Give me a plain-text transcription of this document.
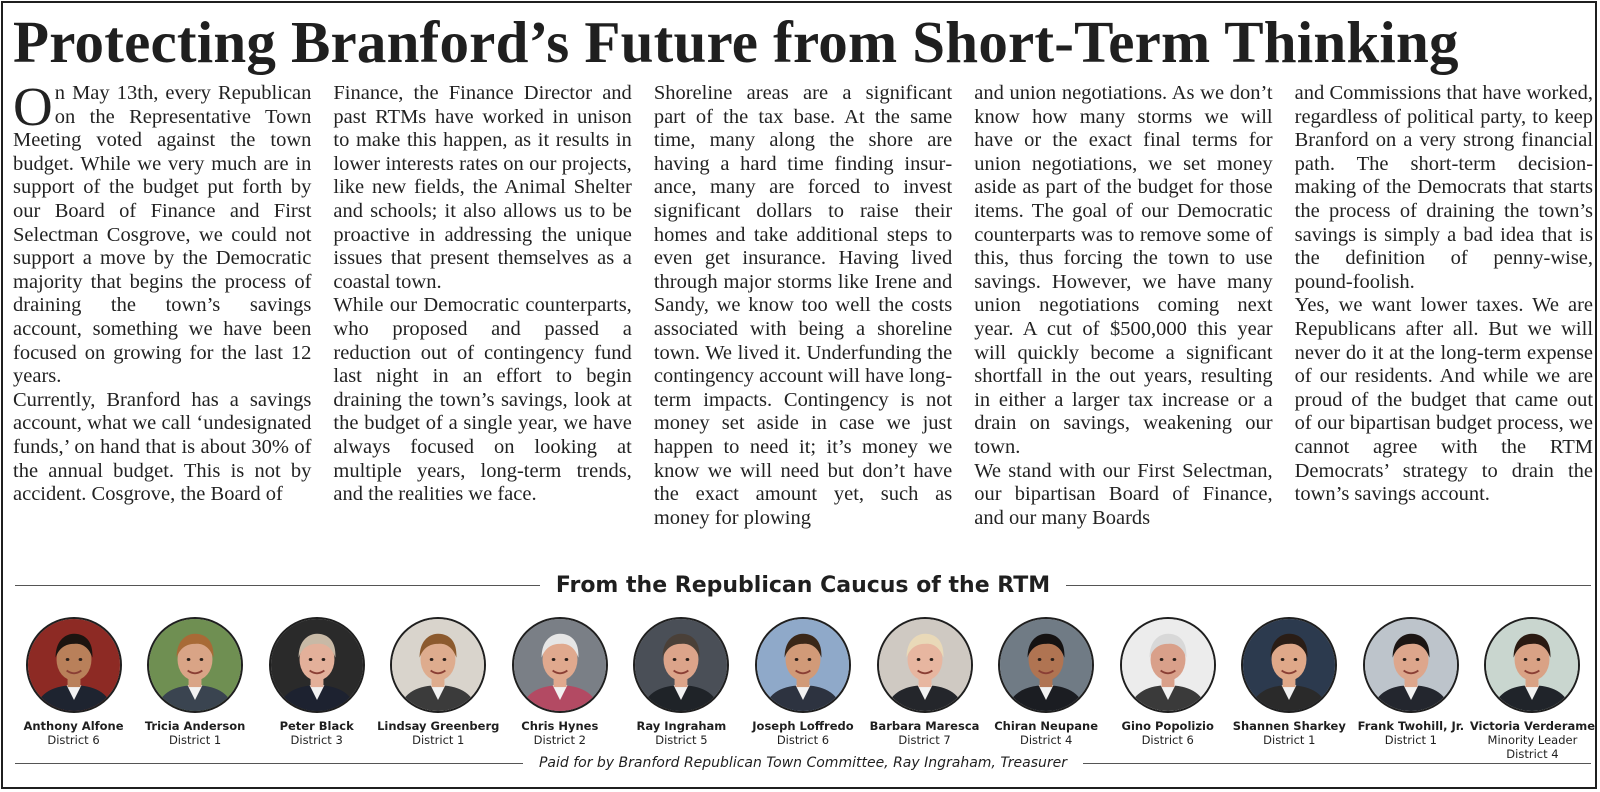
Protecting Branford’s Future from Short-Term Thinking

On May 13th, every Republican on the Representative Town Meeting voted against the town budget. While we very much are in support of the budget put forth by our Board of Finance and First Selectman Cosgrove, we could not support a move by the Democratic majority that begins the process of draining the town’s savings account, something we have been focused on growing for the last 12 years.

Currently, Branford has a savings account, what we call ‘undesignated funds,’ on hand that is about 30% of the annual budget. This is not by accident. Cosgrove, the Board of

Finance, the Finance Director and past RTMs have worked in unison to make this happen, as it results in lower interests rates on our projects, like new fields, the Animal Shelter and schools; it also allows us to be proactive in addressing the unique issues that present themselves as a coastal town.

While our Democratic counterparts, who proposed and passed a reduction out of contingency fund last night in an effort to begin draining the town’s savings, look at the budget of a single year, we have always focused on looking at multiple years, long-term trends, and the realities we face.

Shoreline areas are a significant part of the tax base. At the same time, many along the shore are having a hard time finding insurance, many are forced to invest significant dollars to raise their homes and take additional steps to even get insurance. Having lived through major storms like Irene and Sandy, we know too well the costs associated with being a shoreline town. We lived it. Underfunding the contingency account will have long-term impacts. Contingency is not money set aside in case we just happen to need it; it’s money we know we will need but don’t have the exact amount yet, such as money for plowing

and union negotiations. As we don’t know how many storms we will have or the exact final terms for union negotiations, we set money aside as part of the budget for those items. The goal of our Democratic counterparts was to remove some of this, thus forcing the town to use savings. However, we have many union negotiations coming next year. A cut of $500,000 this year will quickly become a significant shortfall in the out years, resulting in either a larger tax increase or a drain on savings, weakening our town.

We stand with our First Selectman, our bipartisan Board of Finance, and our many Boards

and Commissions that have worked, regardless of political party, to keep Branford on a very strong financial path. The short-term decision-making of the Democrats that starts the process of draining the town’s savings is simply a bad idea that is the definition of penny-wise, pound-foolish.

Yes, we want lower taxes. We are Republicans after all. But we will never do it at the long-term expense of our residents. And while we are proud of the budget that came out of our bipartisan budget process, we cannot agree with the RTM Democrats’ strategy to drain the town’s savings account.

From the Republican Caucus of the RTM
Anthony Alfone
District 6
Tricia Anderson
District 1
Peter Black
District 3
Lindsay Greenberg
District 1
Chris Hynes
District 2
Ray Ingraham
District 5
Joseph Loffredo
District 6
Barbara Maresca
District 7
Chiran Neupane
District 4
Gino Popolizio
District 6
Shannen Sharkey
District 1
Frank Twohill, Jr.
District 1
Victoria Verderame
Minority Leader
District 4
Paid for by Branford Republican Town Committee, Ray Ingraham, Treasurer
